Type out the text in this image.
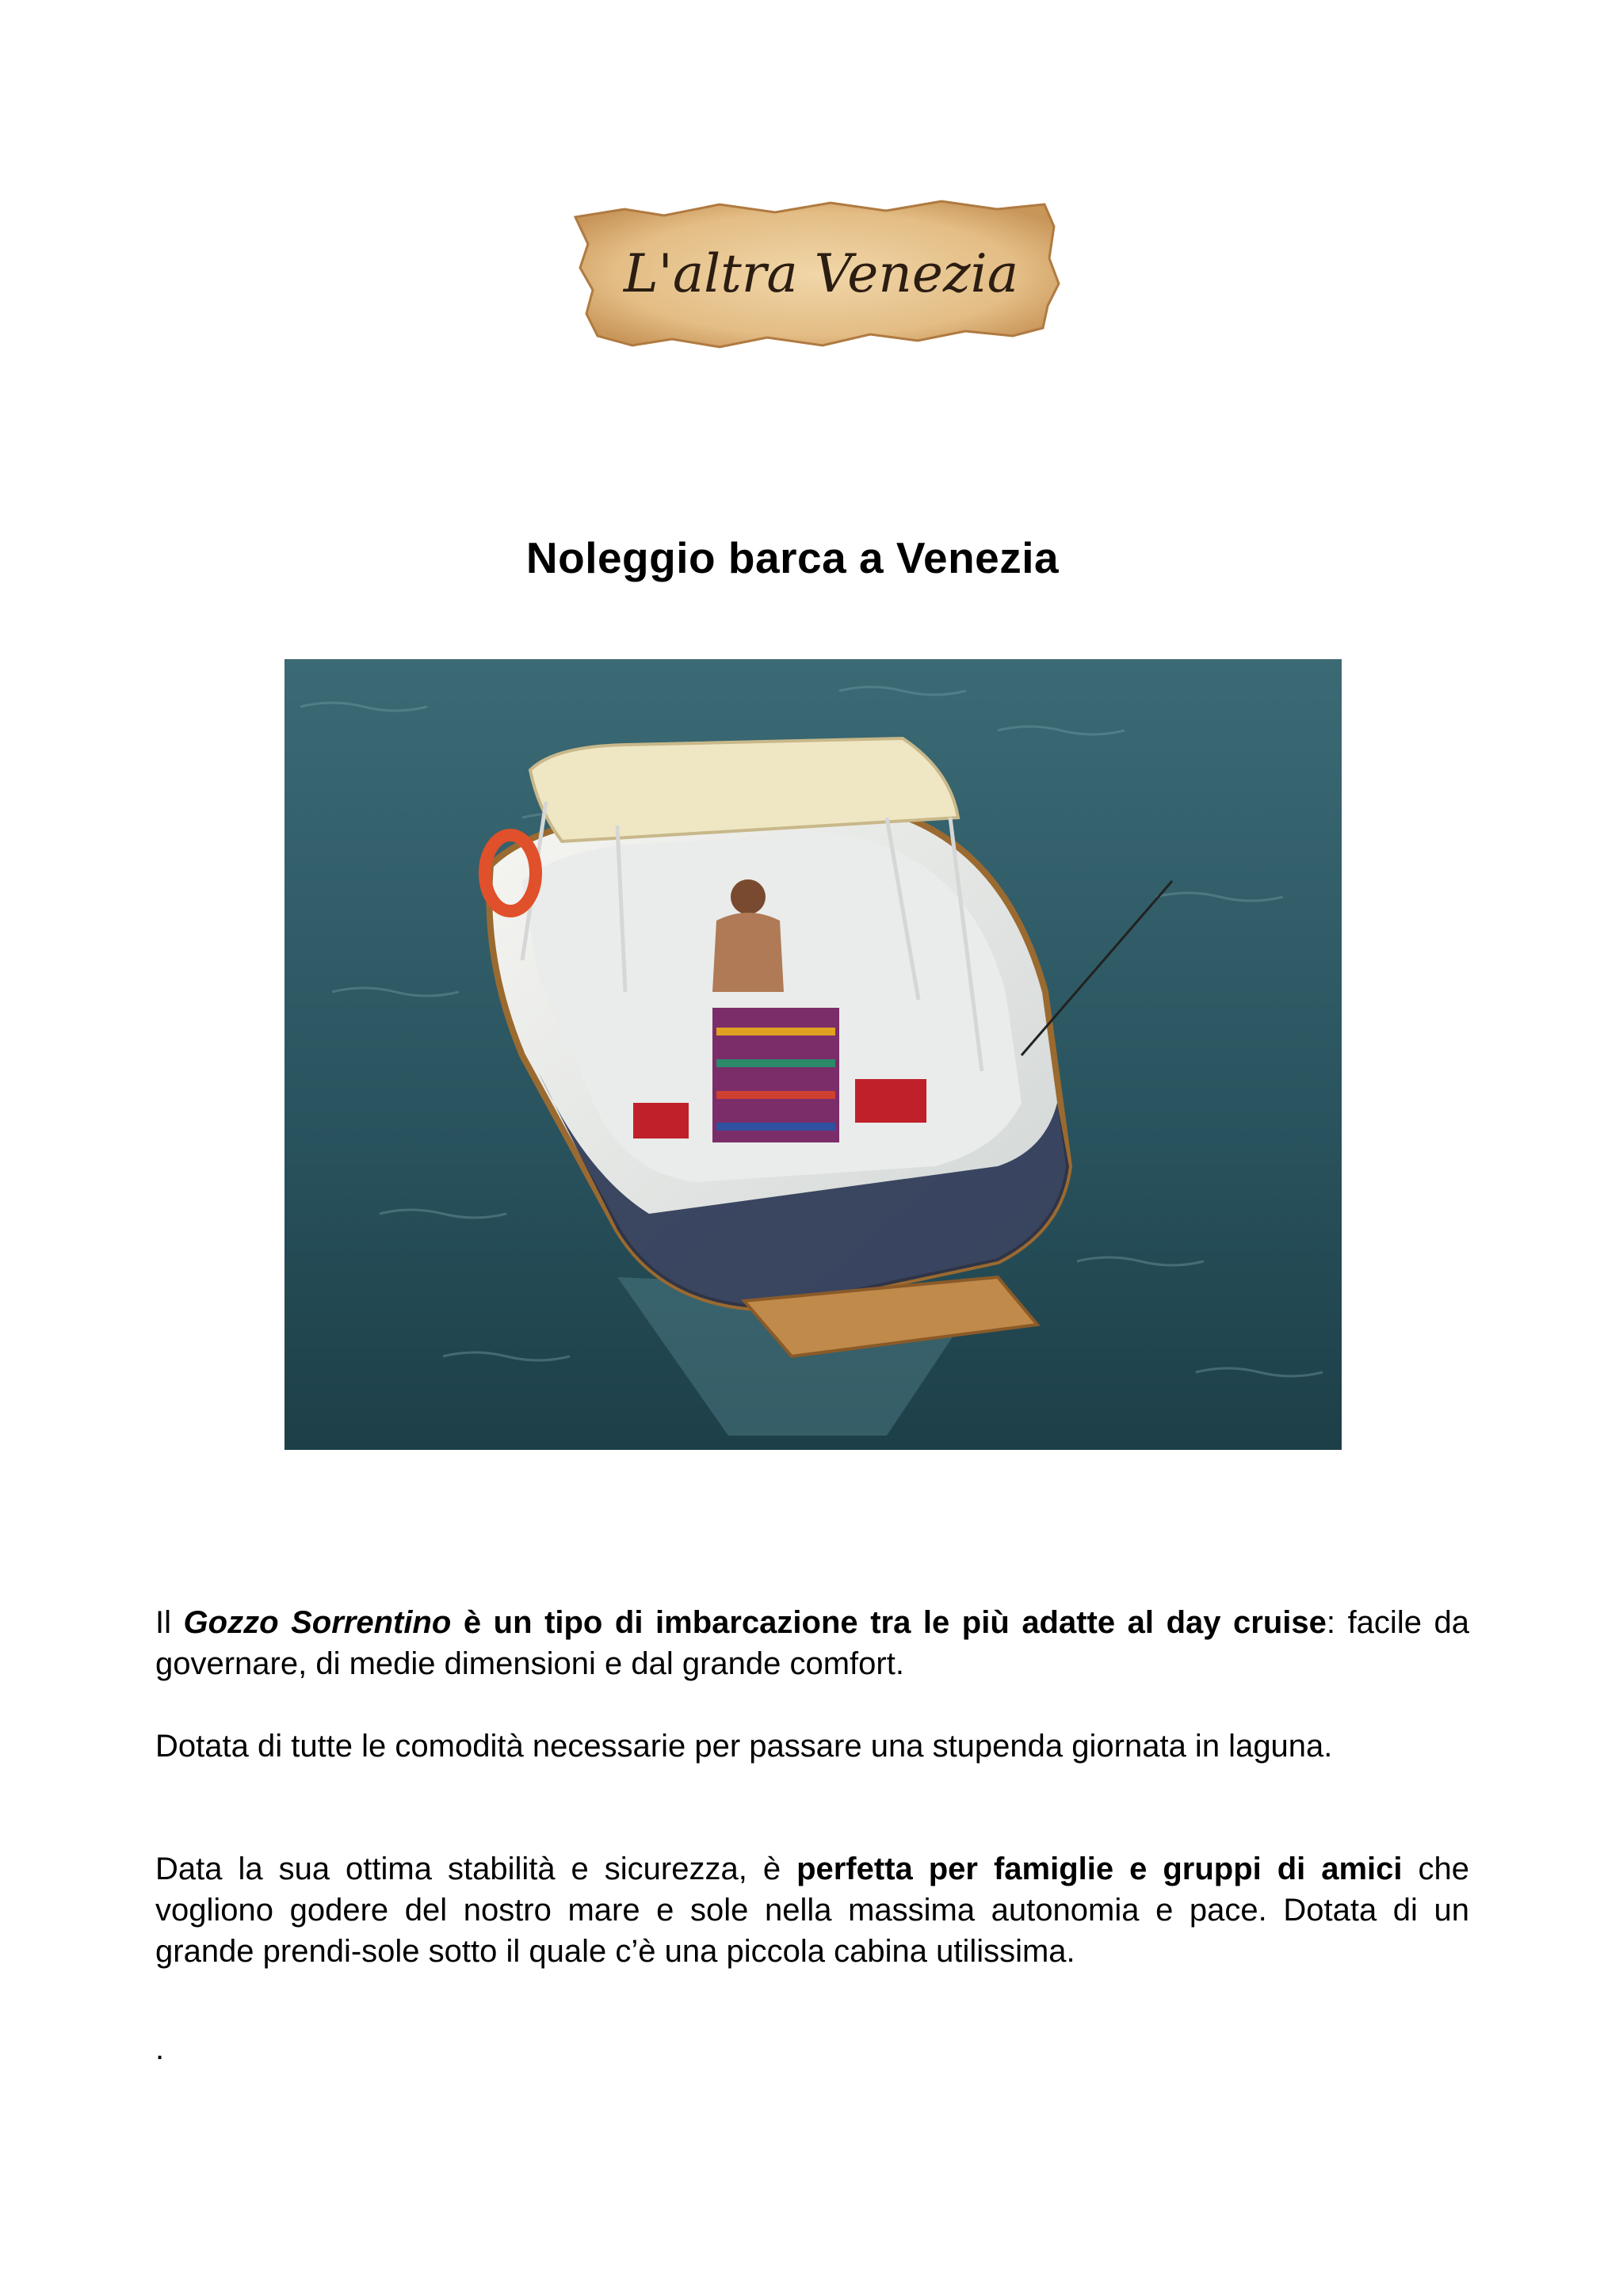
L'altra Venezia
Noleggio barca a Venezia
Il Gozzo Sorrentino è un tipo di imbarcazione tra le più adatte al day cruise: facile da governare, di medie dimensioni e dal grande comfort.
Dotata di tutte le comodità necessarie per passare una stupenda giornata in laguna.
Data la sua ottima stabilità e sicurezza, è perfetta per famiglie e gruppi di amici che vogliono godere del nostro mare e sole nella massima autonomia e pace. Dotata di un grande prendi-sole sotto il quale c’è una piccola cabina utilissima.
.
